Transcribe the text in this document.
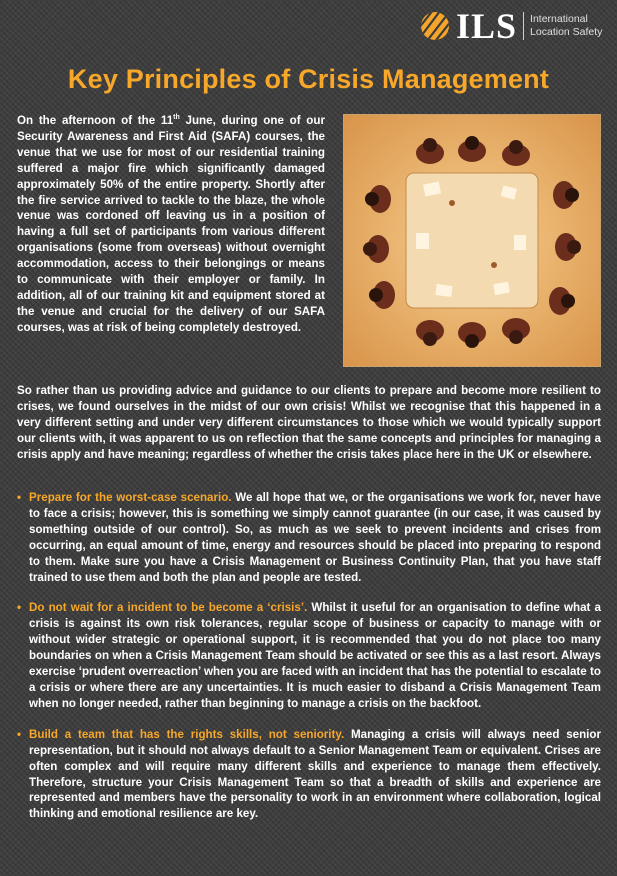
ILS International
Location Safety
Key Principles of Crisis Management
On the afternoon of the 11th June, during one of our Security Awareness and First Aid (SAFA) courses, the venue that we use for most of our residential training suffered a major fire which significantly damaged approximately 50% of the entire property. Shortly after the fire service arrived to tackle to the blaze, the whole venue was cordoned off leaving us in a position of having a full set of participants from various different organisations (some from overseas) without overnight accommodation, access to their belongings or means to communicate with their employer or family. In addition, all of our training kit and equipment stored at the venue and crucial for the delivery of our SAFA courses, was at risk of being completely destroyed.
So rather than us providing advice and guidance to our clients to prepare and become more resilient to crises, we found ourselves in the midst of our own crisis! Whilst we recognise that this happened in a very different setting and under very different circumstances to those which we would typically support our clients with, it was apparent to us on reflection that the same concepts and principles for managing a crisis apply and have meaning; regardless of whether the crisis takes place here in the UK or elsewhere.
• Prepare for the worst-case scenario. We all hope that we, or the organisations we work for, never have to face a crisis; however, this is something we simply cannot guarantee (in our case, it was caused by something outside of our control). So, as much as we seek to prevent incidents and crises from occurring, an equal amount of time, energy and resources should be placed into preparing to respond to them. Make sure you have a Crisis Management or Business Continuity Plan, that you have staff trained to use them and both the plan and people are tested.
• Do not wait for a incident to be become a ‘crisis’. Whilst it useful for an organisation to define what a crisis is against its own risk tolerances, regular scope of business or capacity to manage with or without wider strategic or operational support, it is recommended that you do not place too many boundaries on when a Crisis Management Team should be activated or see this as a last resort. Always exercise ‘prudent overreaction’ when you are faced with an incident that has the potential to escalate to a crisis or where there are any uncertainties. It is much easier to disband a Crisis Management Team when no longer needed, rather than beginning to manage a crisis on the backfoot.
• Build a team that has the rights skills, not seniority. Managing a crisis will always need senior representation, but it should not always default to a Senior Management Team or equivalent. Crises are often complex and will require many different skills and experience to manage them effectively. Therefore, structure your Crisis Management Team so that a breadth of skills and experience are represented and members have the personality to work in an environment where collaboration, logical thinking and emotional resilience are key.
